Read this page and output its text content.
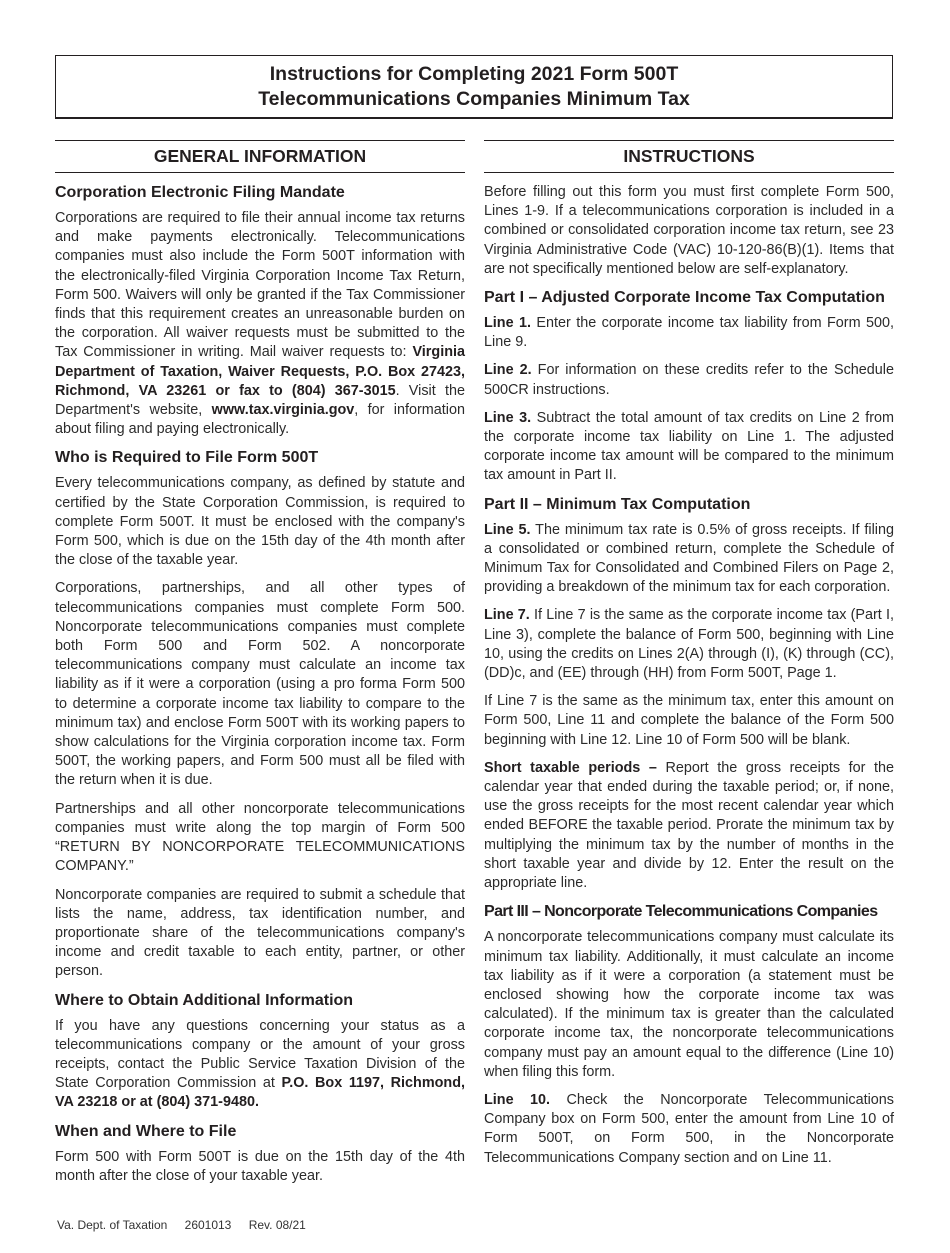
Instructions for Completing 2021 Form 500T
Telecommunications Companies Minimum Tax
GENERAL INFORMATION
Corporation Electronic Filing Mandate

Corporations are required to file their annual income tax returns and make payments electronically. Telecommunications companies must also include the Form 500T information with the electronically-filed Virginia Corporation Income Tax Return, Form 500. Waivers will only be granted if the Tax Commissioner finds that this requirement creates an unreasonable burden on the corporation. All waiver requests must be submitted to the Tax Commissioner in writing. Mail waiver requests to: Virginia Department of Taxation, Waiver Requests, P.O. Box 27423, Richmond, VA 23261 or fax to (804) 367-3015. Visit the Department's website, www.tax.virginia.gov, for information about filing and paying electronically.

Who is Required to File Form 500T

Every telecommunications company, as defined by statute and certified by the State Corporation Commission, is required to complete Form 500T. It must be enclosed with the company's Form 500, which is due on the 15th day of the 4th month after the close of the taxable year.

Corporations, partnerships, and all other types of telecommunications companies must complete Form 500. Noncorporate telecommunications companies must complete both Form 500 and Form 502. A noncorporate telecommunications company must calculate an income tax liability as if it were a corporation (using a pro forma Form 500 to determine a corporate income tax liability to compare to the minimum tax) and enclose Form 500T with its working papers to show calculations for the Virginia corporation income tax. Form 500T, the working papers, and Form 500 must all be filed with the return when it is due.

Partnerships and all other noncorporate telecommunications companies must write along the top margin of Form 500 “RETURN BY NONCORPORATE TELECOMMUNICATIONS COMPANY.”

Noncorporate companies are required to submit a schedule that lists the name, address, tax identification number, and proportionate share of the telecommunications company's income and credit taxable to each entity, partner, or other person.

Where to Obtain Additional Information

If you have any questions concerning your status as a telecommunications company or the amount of your gross receipts, contact the Public Service Taxation Division of the State Corporation Commission at P.O. Box 1197, Richmond, VA 23218 or at (804) 371-9480.

When and Where to File

Form 500 with Form 500T is due on the 15th day of the 4th month after the close of your taxable year.

INSTRUCTIONS

Before filling out this form you must first complete Form 500, Lines 1-9. If a telecommunications corporation is included in a combined or consolidated corporation income tax return, see 23 Virginia Administrative Code (VAC) 10-120-86(B)(1). Items that are not specifically mentioned below are self-explanatory.

Part I – Adjusted Corporate Income Tax Computation

Line 1. Enter the corporate income tax liability from Form 500, Line 9.

Line 2. For information on these credits refer to the Schedule 500CR instructions.

Line 3. Subtract the total amount of tax credits on Line 2 from the corporate income tax liability on Line 1. The adjusted corporate income tax amount will be compared to the minimum tax amount in Part II.

Part II – Minimum Tax Computation

Line 5. The minimum tax rate is 0.5% of gross receipts. If filing a consolidated or combined return, complete the Schedule of Minimum Tax for Consolidated and Combined Filers on Page 2, providing a breakdown of the minimum tax for each corporation.

Line 7. If Line 7 is the same as the corporate income tax (Part I, Line 3), complete the balance of Form 500, beginning with Line 10, using the credits on Lines 2(A) through (I), (K) through (CC), (DD)c, and (EE) through (HH) from Form 500T, Page 1.

If Line 7 is the same as the minimum tax, enter this amount on Form 500, Line 11 and complete the balance of the Form 500 beginning with Line 12. Line 10 of Form 500 will be blank.

Short taxable periods – Report the gross receipts for the calendar year that ended during the taxable period; or, if none, use the gross receipts for the most recent calendar year which ended BEFORE the taxable period. Prorate the minimum tax by multiplying the minimum tax by the number of months in the short taxable year and divide by 12. Enter the result on the appropriate line.

Part III – Noncorporate Telecommunications Companies

A noncorporate telecommunications company must calculate its minimum tax liability. Additionally, it must calculate an income tax liability as if it were a corporation (a statement must be enclosed showing how the corporate income tax was calculated). If the minimum tax is greater than the calculated corporate income tax, the noncorporate telecommunications company must pay an amount equal to the difference (Line 10) when filing this form.

Line 10. Check the Noncorporate Telecommunications Company box on Form 500, enter the amount from Line 10 of Form 500T, on Form 500, in the Noncorporate Telecommunications Company section and on Line 11.

Va. Dept. of Taxation 2601013 Rev. 08/21
